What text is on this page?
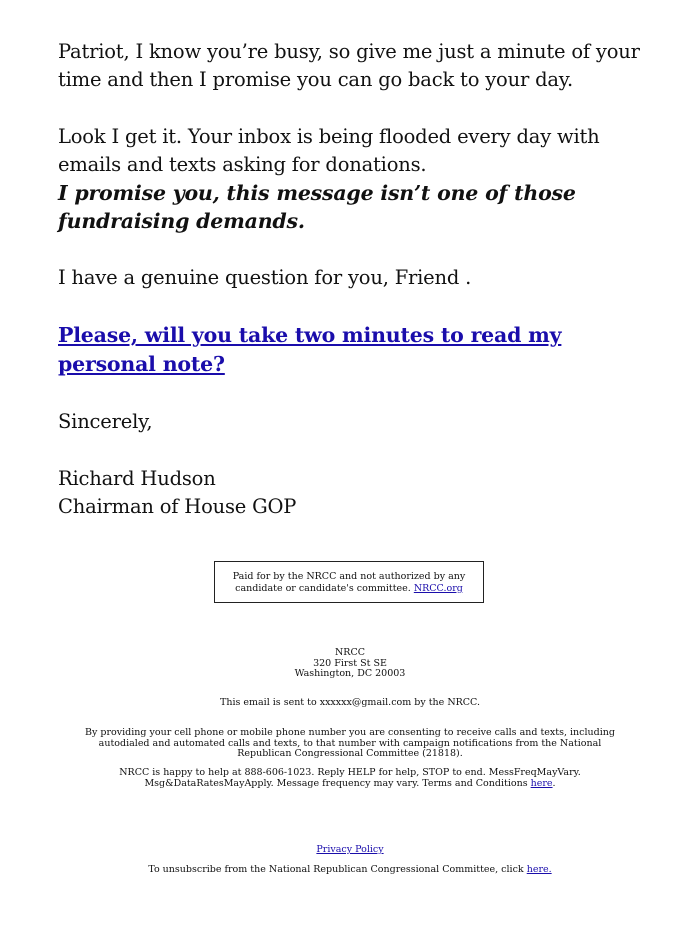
Patriot, I know you’re busy, so give me just a minute of your time and then I promise you can go back to your day.

Look I get it. Your inbox is being flooded every day with emails and texts asking for donations.

I promise you, this message isn’t one of those fundraising demands.

I have a genuine question for you, Friend .

Please, will you take two minutes to read my personal note?

Sincerely,

Richard Hudson

Chairman of House GOP

Paid for by the NRCC and not authorized by any candidate or candidate's committee. NRCC.org

NRCC

320 First St SE

Washington, DC 20003

This email is sent to xxxxxx@gmail.com by the NRCC.

By providing your cell phone or mobile phone number you are consenting to receive calls and texts, including autodialed and automated calls and texts, to that number with campaign notifications from the National Republican Congressional Committee (21818).

NRCC is happy to help at 888-606-1023. Reply HELP for help, STOP to end. MessFreqMayVary. Msg&DataRatesMayApply. Message frequency may vary. Terms and Conditions here.

Privacy Policy

To unsubscribe from the National Republican Congressional Committee, click here.
